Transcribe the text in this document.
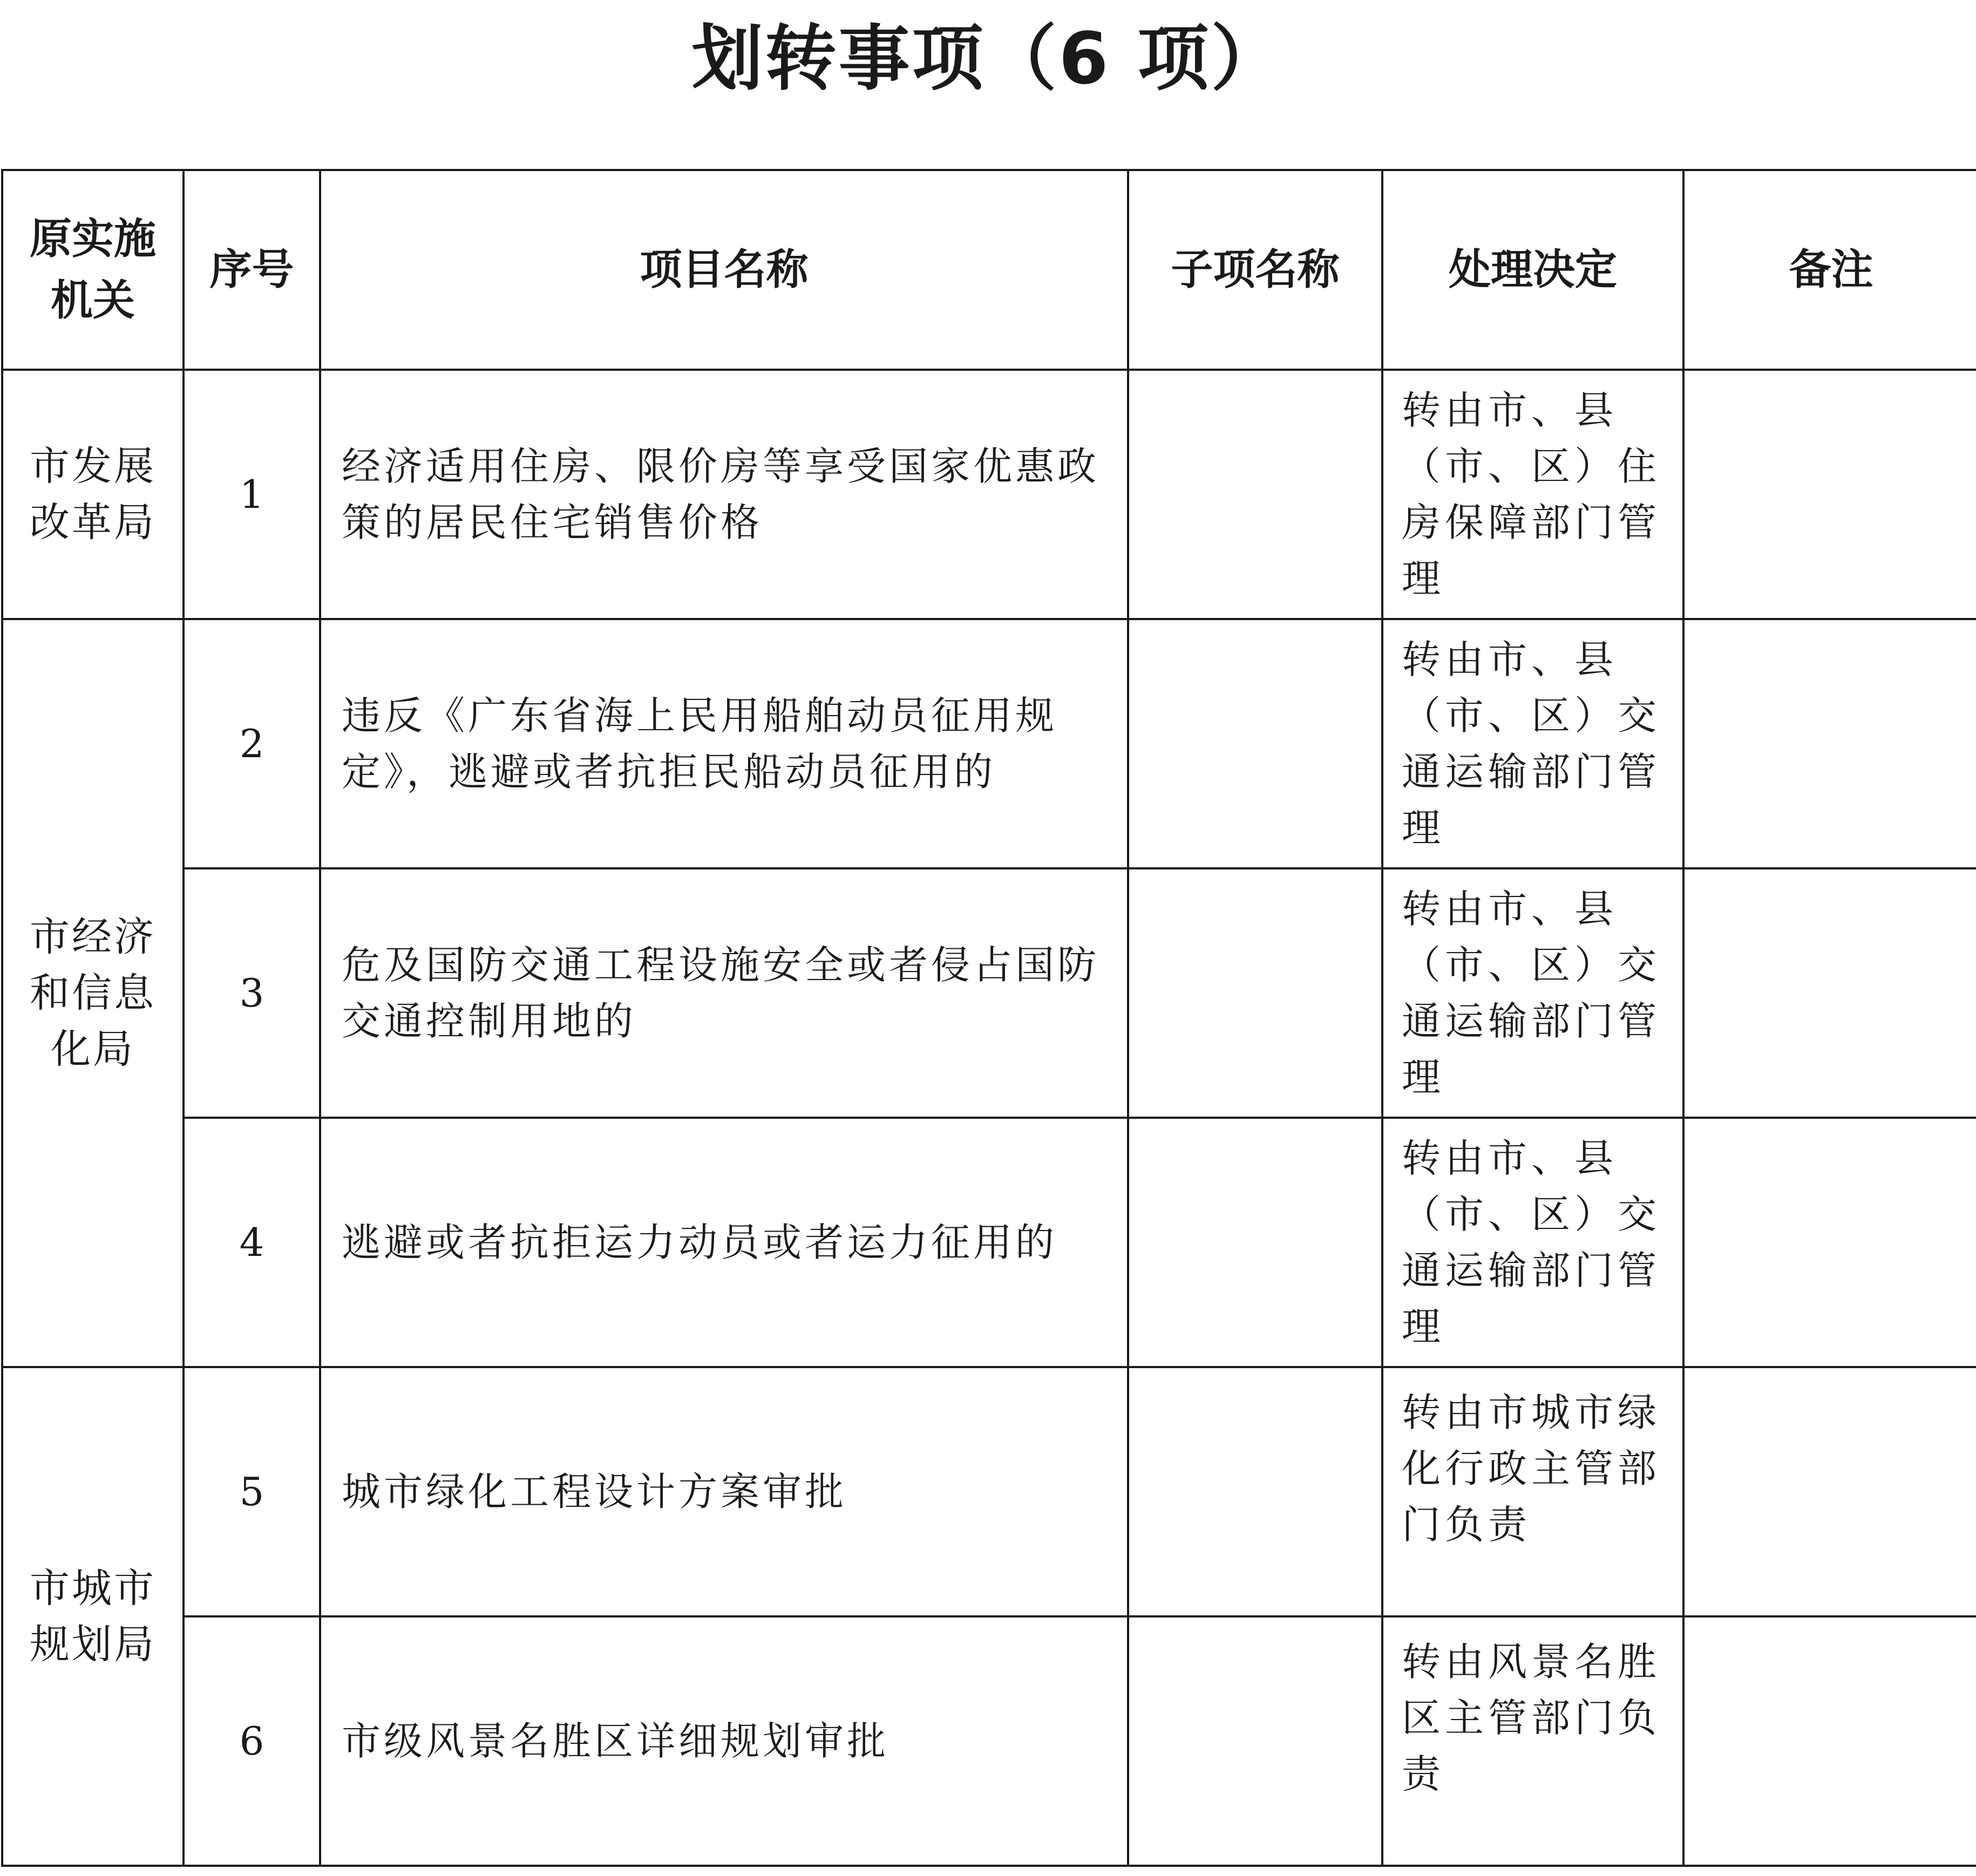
划转事项（6 项）
原实施机关	序号	项目名称	子项名称	处理决定	备注

市发展改革局	1	经济适用住房、限价房等享受国家优惠政策的居民住宅销售价格		转由市、县（市、区）住房保障部门管理	

市经济和信息化局	2	违反《广东省海上民用船舶动员征用规定》，逃避或者抗拒民船动员征用的		转由市、县（市、区）交通运输部门管理	
	3	危及国防交通工程设施安全或者侵占国防交通控制用地的		转由市、县（市、区）交通运输部门管理	
	4	逃避或者抗拒运力动员或者运力征用的		转由市、县（市、区）交通运输部门管理	

市城市规划局	5	城市绿化工程设计方案审批		转由市城市绿化行政主管部门负责	
	6	市级风景名胜区详细规划审批		转由风景名胜区主管部门负责	
